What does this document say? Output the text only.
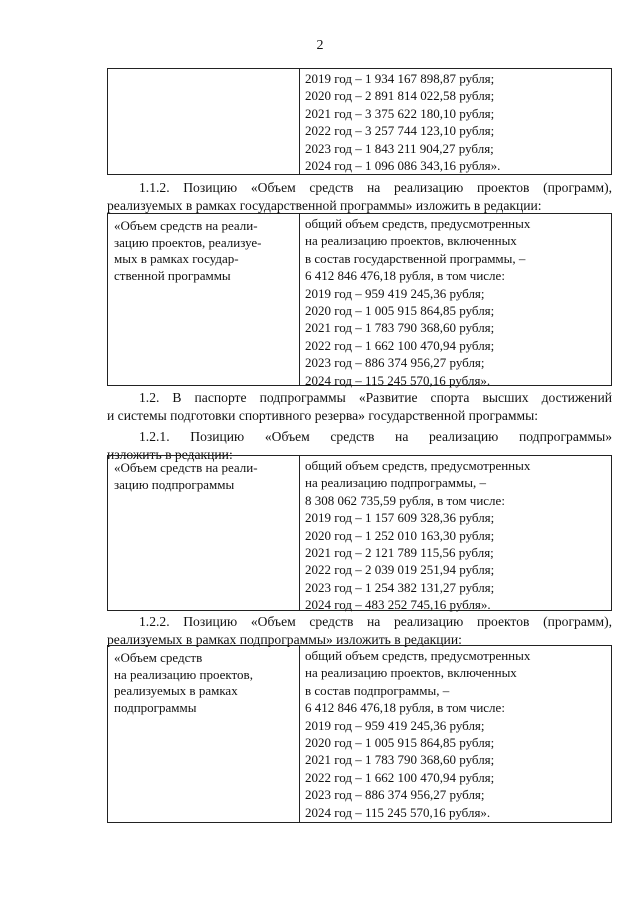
2
2019 год – 1 934 167 898,87 рубля;
2020 год – 2 891 814 022,58 рубля;
2021 год – 3 375 622 180,10 рубля;
2022 год – 3 257 744 123,10 рубля;
2023 год – 1 843 211 904,27 рубля;
2024 год – 1 096 086 343,16 рубля».
1.1.2. Позицию «Объем средств на реализацию проектов (программ),
реализуемых в рамках государственной программы» изложить в редакции:
«Объем средств на реали-
зацию проектов, реализуе-
мых в рамках государ-
ственной программы
общий объем средств, предусмотренных
на реализацию проектов, включенных
в состав государственной программы, –
6 412 846 476,18 рубля, в том числе:
2019 год – 959 419 245,36 рубля;
2020 год – 1 005 915 864,85 рубля;
2021 год – 1 783 790 368,60 рубля;
2022 год – 1 662 100 470,94 рубля;
2023 год – 886 374 956,27 рубля;
2024 год – 115 245 570,16 рубля».
1.2. В паспорте подпрограммы «Развитие спорта высших достижений
и системы подготовки спортивного резерва» государственной программы:
1.2.1. Позицию «Объем средств на реализацию подпрограммы»
изложить в редакции:
«Объем средств на реали-
зацию подпрограммы
общий объем средств, предусмотренных
на реализацию подпрограммы, –
8 308 062 735,59 рубля, в том числе:
2019 год – 1 157 609 328,36 рубля;
2020 год – 1 252 010 163,30 рубля;
2021 год – 2 121 789 115,56 рубля;
2022 год – 2 039 019 251,94 рубля;
2023 год – 1 254 382 131,27 рубля;
2024 год – 483 252 745,16 рубля».
1.2.2. Позицию «Объем средств на реализацию проектов (программ),
реализуемых в рамках подпрограммы» изложить в редакции:
«Объем средств
на реализацию проектов,
реализуемых в рамках
подпрограммы
общий объем средств, предусмотренных
на реализацию проектов, включенных
в состав подпрограммы, –
6 412 846 476,18 рубля, в том числе:
2019 год – 959 419 245,36 рубля;
2020 год – 1 005 915 864,85 рубля;
2021 год – 1 783 790 368,60 рубля;
2022 год – 1 662 100 470,94 рубля;
2023 год – 886 374 956,27 рубля;
2024 год – 115 245 570,16 рубля».
